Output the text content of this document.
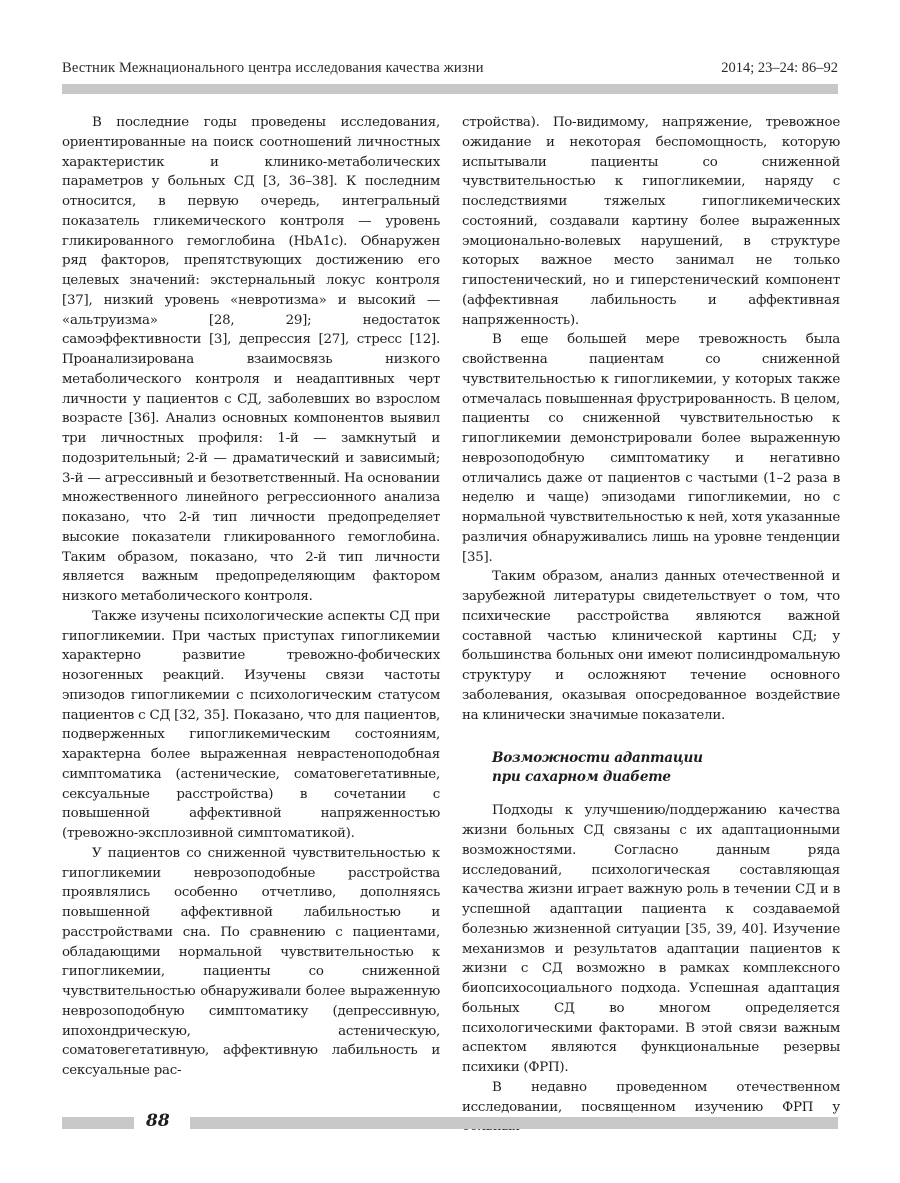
Вестник Межнационального центра исследования качества жизни	2014; 23–24: 86–92

В последние годы проведены исследования, ориентированные на поиск соотношений личностных характеристик и клинико-метаболических параметров у больных СД [3, 36–38]. К последним относится, в первую очередь, интегральный показатель гликемического контроля — уровень гликированного гемоглобина (HbA1c). Обнаружен ряд факторов, препятствующих достижению его целевых значений: экстернальный локус контроля [37], низкий уровень «невротизма» и высокий — «альтруизма» [28, 29]; недостаток самоэффективности [3], депрессия [27], стресс [12]. Проанализирована взаимосвязь низкого метаболического контроля и неадаптивных черт личности у пациентов с СД, заболевших во взрослом возрасте [36]. Анализ основных компонентов выявил три личностных профиля: 1-й — замкнутый и подозрительный; 2-й — драматический и зависимый; 3-й — агрессивный и безответственный. На основании множественного линейного регрессионного анализа показано, что 2-й тип личности предопределяет высокие показатели гликированного гемоглобина. Таким образом, показано, что 2-й тип личности является важным предопределяющим фактором низкого метаболического контроля.

Также изучены психологические аспекты СД при гипогликемии. При частых приступах гипогликемии характерно развитие тревожно-фобических нозогенных реакций. Изучены связи частоты эпизодов гипогликемии с психологическим статусом пациентов с СД [32, 35]. Показано, что для пациентов, подверженных гипогликемическим состояниям, характерна более выраженная неврастеноподобная симптоматика (астенические, соматовегетативные, сексуальные расстройства) в сочетании с повышенной аффективной напряженностью (тревожно-эксплозивной симптоматикой).

У пациентов со сниженной чувствительностью к гипогликемии неврозоподобные расстройства проявлялись особенно отчетливо, дополняясь повышенной аффективной лабильностью и расстройствами сна. По сравнению с пациентами, обладающими нормальной чувствительностью к гипогликемии, пациенты со сниженной чувствительностью обнаруживали более выраженную неврозоподобную симптоматику (депрессивную, ипохондрическую, астеническую, соматовегетативную, аффективную лабильность и сексуальные рас-

стройства). По-видимому, напряжение, тревожное ожидание и некоторая беспомощность, которую испытывали пациенты со сниженной чувствительностью к гипогликемии, наряду с последствиями тяжелых гипогликемических состояний, создавали картину более выраженных эмоционально-волевых нарушений, в структуре которых важное место занимал не только гипостенический, но и гиперстенический компонент (аффективная лабильность и аффективная напряженность).

В еще большей мере тревожность была свойственна пациентам со сниженной чувствительностью к гипогликемии, у которых также отмечалась повышенная фрустрированность. В целом, пациенты со сниженной чувствительностью к гипогликемии демонстрировали более выраженную неврозоподобную симптоматику и негативно отличались даже от пациентов с частыми (1–2 раза в неделю и чаще) эпизодами гипогликемии, но с нормальной чувствительностью к ней, хотя указанные различия обнаруживались лишь на уровне тенденции [35].

Таким образом, анализ данных отечественной и зарубежной литературы свидетельствует о том, что психические расстройства являются важной составной частью клинической картины СД; у большинства больных они имеют полисиндромальную структуру и осложняют течение основного заболевания, оказывая опосредованное воздействие на клинически значимые показатели.

Возможности адаптации
при сахарном диабете

Подходы к улучшению/поддержанию качества жизни больных СД связаны с их адаптационными возможностями. Согласно данным ряда исследований, психологическая составляющая качества жизни играет важную роль в течении СД и в успешной адаптации пациента к создаваемой болезнью жизненной ситуации [35, 39, 40]. Изучение механизмов и результатов адаптации пациентов к жизни с СД возможно в рамках комплексного биопсихосоциального подхода. Успешная адаптация больных СД во многом определяется психологическими факторами. В этой связи важным аспектом являются функциональные резервы психики (ФРП).

В недавно проведенном отечественном исследовании, посвященном изучению ФРП у

88
